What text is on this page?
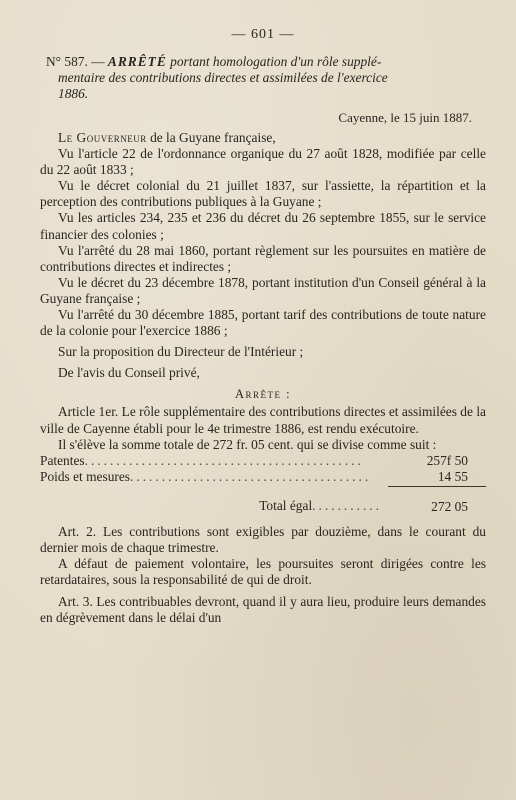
— 601 —
N° 587. — ARRÊTÉ portant homologation d'un rôle supplé-
mentaire des contributions directes et assimilées de l'exercice
1886.
Cayenne, le 15 juin 1887.

Le Gouverneur de la Guyane française,

Vu l'article 22 de l'ordonnance organique du 27 août 1828, modifiée par celle du 22 août 1833 ;

Vu le décret colonial du 21 juillet 1837, sur l'assiette, la répartition et la perception des contributions publiques à la Guyane ;

Vu les articles 234, 235 et 236 du décret du 26 septembre 1855, sur le service financier des colonies ;

Vu l'arrêté du 28 mai 1860, portant règlement sur les poursuites en matière de contributions directes et indirectes ;

Vu le décret du 23 décembre 1878, portant institution d'un Conseil général à la Guyane française ;

Vu l'arrêté du 30 décembre 1885, portant tarif des contributions de toute nature de la colonie pour l'exercice 1886 ;

Sur la proposition du Directeur de l'Intérieur ;

De l'avis du Conseil privé,

Arrête :

Article 1er. Le rôle supplémentaire des contributions directes et assimilées de la ville de Cayenne établi pour le 4e trimestre 1886, est rendu exécutoire.

Il s'élève la somme totale de 272 fr. 05 cent. qui se divise comme suit :

Patentes............................................	257f 50
Poids et mesures......................................	14 55
Total égal...........	272 05

Art. 2. Les contributions sont exigibles par douzième, dans le courant du dernier mois de chaque trimestre.

A défaut de paiement volontaire, les poursuites seront dirigées contre les retardataires, sous la responsabilité de qui de droit.

Art. 3. Les contribuables devront, quand il y aura lieu, produire leurs demandes en dégrèvement dans le délai d'un
